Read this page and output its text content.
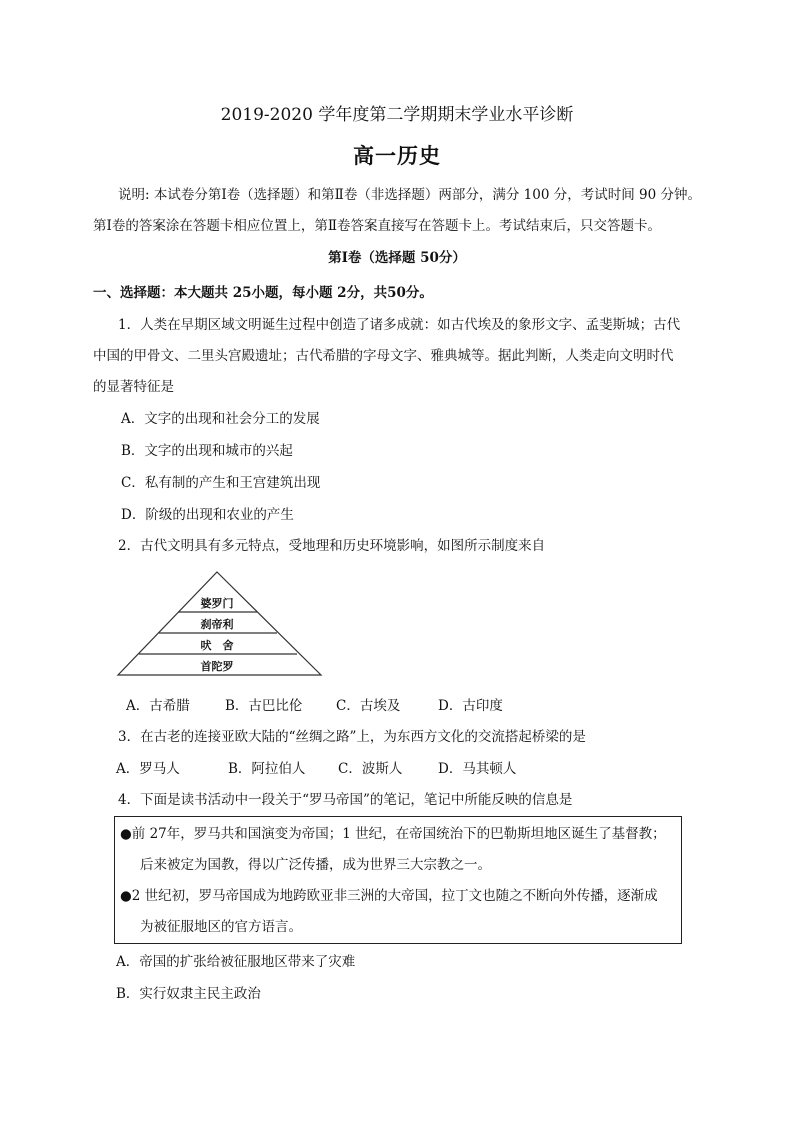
2019-2020 学年度第二学期期末学业水平诊断
高一历史
说明: 本试卷分第Ⅰ卷（选择题）和第Ⅱ卷（非选择题）两部分，满分 100 分，考试时间 90 分钟。
第Ⅰ卷的答案涂在答题卡相应位置上，第Ⅱ卷答案直接写在答题卡上。考试结束后，只交答题卡。
第Ⅰ卷（选择题 50分）
一、选择题：本大题共 25小题，每小题 2分，共50分。
1．人类在早期区域文明诞生过程中创造了诸多成就：如古代埃及的象形文字、孟斐斯城；古代
中国的甲骨文、二里头宫殿遗址；古代希腊的字母文字、雅典城等。据此判断，人类走向文明时代
的显著特征是
A．文字的出现和社会分工的发展
B．文字的出现和城市的兴起
C．私有制的产生和王宫建筑出现
D．阶级的出现和农业的产生
2．古代文明具有多元特点，受地理和历史环境影响，如图所示制度来自
婆罗门
刹帝利
吠　舍
首陀罗
A．古希腊	B．古巴比伦 C．古埃及	D．古印度
3．在古老的连接亚欧大陆的“丝绸之路”上，为东西方文化的交流搭起桥梁的是
A．罗马人	B．阿拉伯人 C．波斯人	D．马其顿人
4．下面是读书活动中一段关于“罗马帝国”的笔记，笔记中所能反映的信息是
●前 27年，罗马共和国演变为帝国；1 世纪，在帝国统治下的巴勒斯坦地区诞生了基督教；
后来被定为国教，得以广泛传播，成为世界三大宗教之一。
●2 世纪初，罗马帝国成为地跨欧亚非三洲的大帝国，拉丁文也随之不断向外传播，逐渐成
为被征服地区的官方语言。
A．帝国的扩张给被征服地区带来了灾难
B．实行奴隶主民主政治
